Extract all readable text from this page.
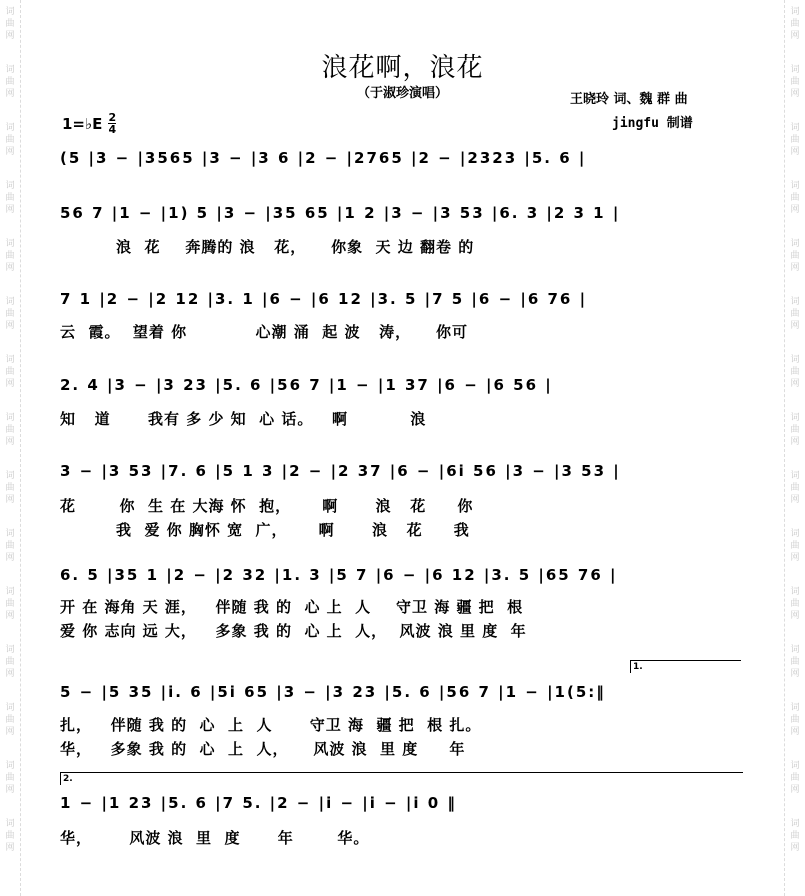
词
曲
网
词
曲
网
词
曲
网
词
曲
网
词
曲
网
词
曲
网
词
曲
网
词
曲
网
词
曲
网
词
曲
网
词
曲
网
词
曲
网
词
曲
网
词
曲
网
词
曲
网
词
曲
网
词
曲
网
词
曲
网
词
曲
网
词
曲
网
词
曲
网
词
曲
网
词
曲
网
词
曲
网
词
曲
网
词
曲
网
词
曲
网
词
曲
网
词
曲
网
词
曲
网
浪花啊，浪花
（于淑珍演唱）	王晓玲 词、魏 群 曲
jingfu 制谱
1=♭E 2
4
(5 |3 − |3565 |3 − |3 6 |2 − |2765 |2 − |2323 |5. 6 |
56 7 |1 − |1) 5 |3 − |35 65 |1 2 |3 − |3 53 |6. 3 |2 3 1 |
浪  花    奔腾的 浪   花，    你象  天 边 翻卷 的
7 1 |2 − |2 12 |3. 1 |6 − |6 12 |3. 5 |7 5 |6 − |6 76 |
云  霞。  望着 你           心潮 涌  起 波   涛，    你可
2. 4 |3 − |3 23 |5. 6 |56 7 |1 − |1 37 |6 − |6 56 |
知   道      我有 多 少 知  心 话。   啊          浪
3 − |3 53 |7. 6 |5 1 3 |2 − |2 37 |6 − |6i 56 |3 − |3 53 |
花       你  生 在 大海 怀  抱，     啊      浪   花     你
我  爱 你 胸怀 宽  广，     啊      浪   花     我
6. 5 |35 1 |2 − |2 32 |1. 3 |5 7 |6 − |6 12 |3. 5 |65 76 |
开 在 海角 天 涯，   伴随 我 的  心 上  人    守卫 海 疆 把  根
爱 你 志向 远 大，   多象 我 的  心 上  人，  风波 浪 里 度  年
1.
5 − |5 35 |i. 6 |5i 65 |3 − |3 23 |5. 6 |56 7 |1 − |1(5:‖
扎，   伴随 我 的  心  上  人      守卫 海  疆 把  根 扎。
华，   多象 我 的  心  上  人，    风波 浪  里 度     年
2.
1 − |1 23 |5. 6 |7 5. |2 − |i − |i − |i 0 ‖
华，      风波 浪  里  度      年       华。
